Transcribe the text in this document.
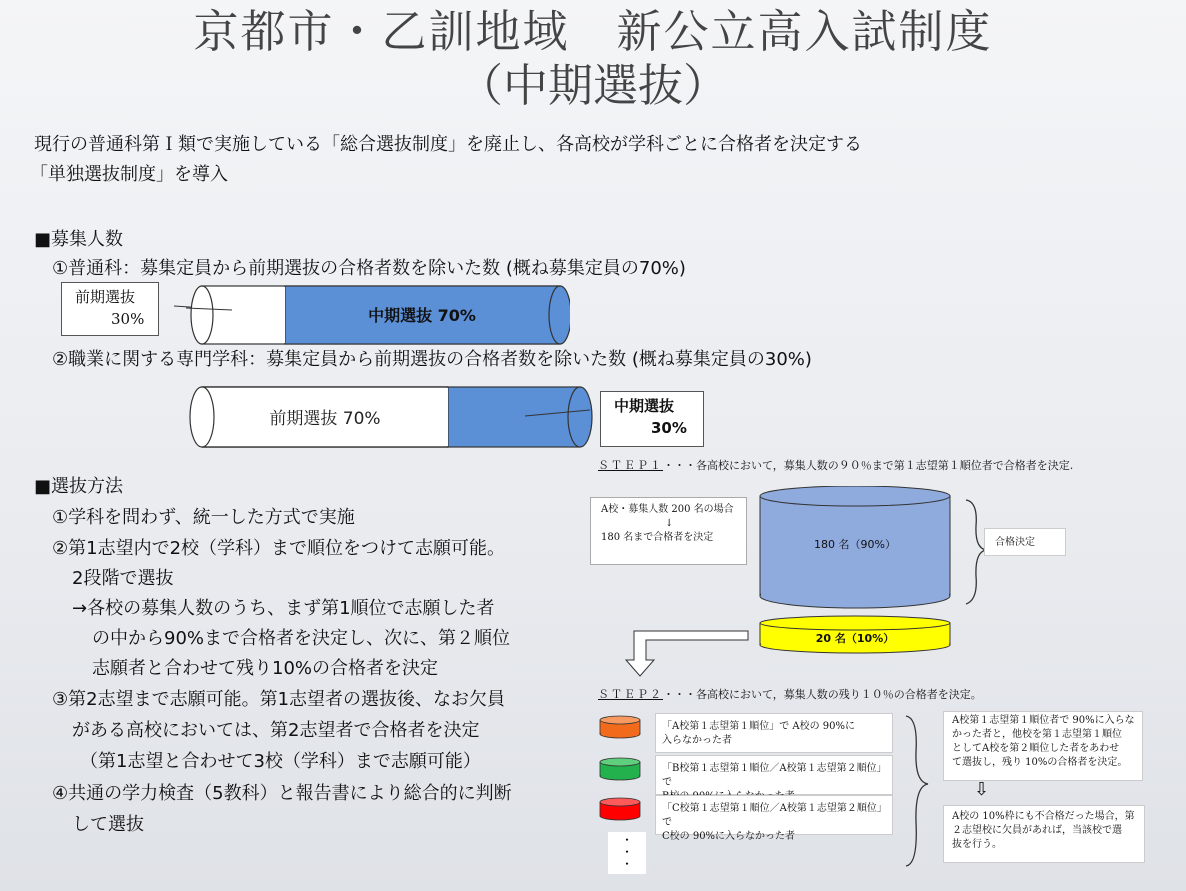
京都市・乙訓地域　新公立高入試制度
（中期選抜）
現行の普通科第Ｉ類で実施している「総合選抜制度」を廃止し、各高校が学科ごとに合格者を決定する
「単独選抜制度」を導入
■募集人数
①普通科：募集定員から前期選抜の合格者数を除いた数 (概ね募集定員の70%)
前期選抜
30%	中期選抜 70%
②職業に関する専門学科：募集定員から前期選抜の合格者数を除いた数 (概ね募集定員の30%)
前期選抜 70%
中期選抜
30%
■選抜方法
①学科を問わず、統一した方式で実施
②第1志望内で2校（学科）まで順位をつけて志願可能。
2段階で選抜
→各校の募集人数のうち、まず第1順位で志願した者
の中から90%まで合格者を決定し、次に、第２順位
志願者と合わせて残り10%の合格者を決定
③第2志望まで志願可能。第1志望者の選抜後、なお欠員
がある高校においては、第2志望者で合格者を決定
（第1志望と合わせて3校（学科）まで志願可能）
④共通の学力検査（5教科）と報告書により総合的に判断
して選抜
ＳＴＥＰ１・・・各高校において，募集人数の９０％まで第１志望第１順位者で合格者を決定.
A校・募集人数 200 名の場合
↓
180 名まで合格者を決定
180 名（90%）
20 名（10%）
合格決定
ＳＴＥＰ２・・・各高校において，募集人数の残り１０％の合格者を決定。
「A校第１志望第１順位」で A校の 90%に
入らなかった者
「B校第１志望第１順位／A校第１志望第２順位」で
「C校第１志望第１順位／A校第１志望第２順位」で
C校の 90%に入らなかった者
・
・
・
A校第１志望第１順位者で 90%に入らな
かった者と，他校を第１志望第１順位
としてA校を第２順位した者をあわせ
て選抜し，残り 10%の合格者を決定。
⇩
A校の 10%枠にも不合格だった場合，第
２志望校に欠員があれば，当該校で選
抜を行う。
